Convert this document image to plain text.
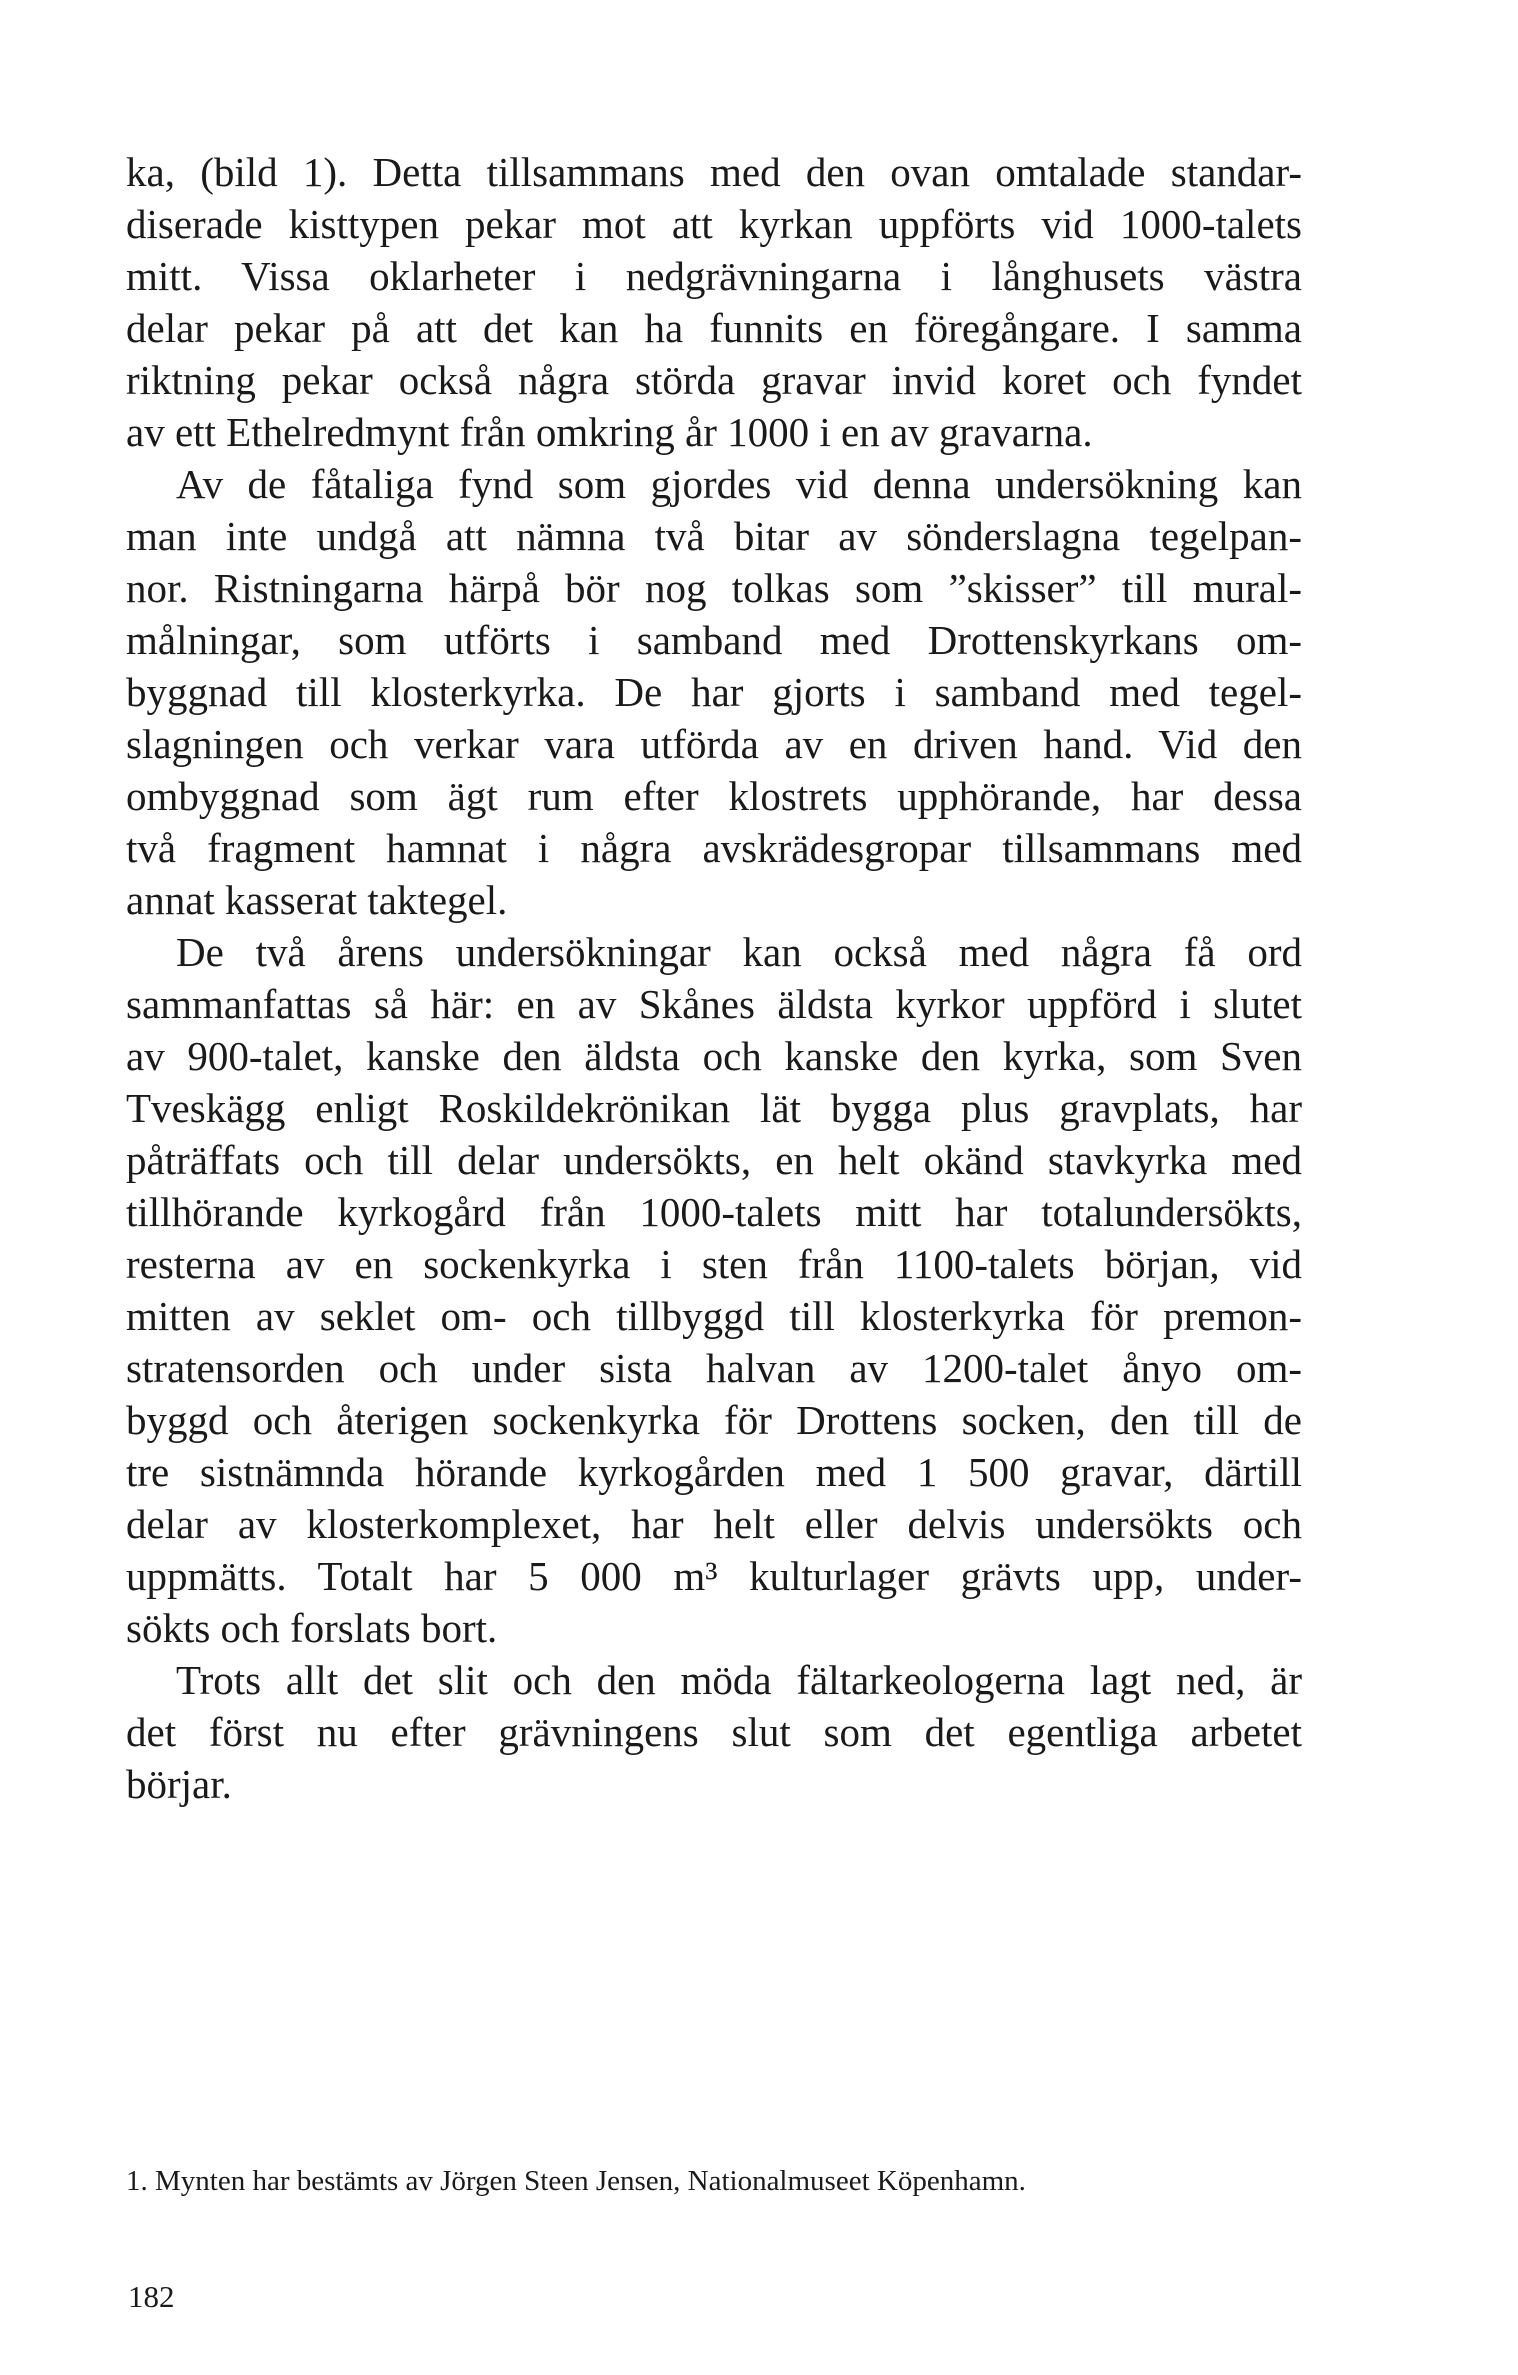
ka, (bild 1). Detta tillsammans med den ovan omtalade standar-
diserade kisttypen pekar mot att kyrkan uppförts vid 1000-talets
mitt. Vissa oklarheter i nedgrävningarna i långhusets västra
delar pekar på att det kan ha funnits en föregångare. I samma
riktning pekar också några störda gravar invid koret och fyndet
av ett Ethelredmynt från omkring år 1000 i en av gravarna.
Av de fåtaliga fynd som gjordes vid denna undersökning kan
man inte undgå att nämna två bitar av sönderslagna tegelpan-
nor. Ristningarna härpå bör nog tolkas som ”skisser” till mural-
målningar, som utförts i samband med Drottenskyrkans om-
byggnad till klosterkyrka. De har gjorts i samband med tegel-
slagningen och verkar vara utförda av en driven hand. Vid den
ombyggnad som ägt rum efter klostrets upphörande, har dessa
två fragment hamnat i några avskrädesgropar tillsammans med
annat kasserat taktegel.
De två årens undersökningar kan också med några få ord
sammanfattas så här: en av Skånes äldsta kyrkor uppförd i slutet
av 900-talet, kanske den äldsta och kanske den kyrka, som Sven
Tveskägg enligt Roskildekrönikan lät bygga plus gravplats, har
påträffats och till delar undersökts, en helt okänd stavkyrka med
tillhörande kyrkogård från 1000-talets mitt har totalundersökts,
resterna av en sockenkyrka i sten från 1100-talets början, vid
mitten av seklet om- och tillbyggd till klosterkyrka för premon-
stratensorden och under sista halvan av 1200-talet ånyo om-
byggd och återigen sockenkyrka för Drottens socken, den till de
tre sistnämnda hörande kyrkogården med 1 500 gravar, därtill
delar av klosterkomplexet, har helt eller delvis undersökts och
uppmätts. Totalt har 5 000 m³ kulturlager grävts upp, under-
sökts och forslats bort.
Trots allt det slit och den möda fältarkeologerna lagt ned, är
det först nu efter grävningens slut som det egentliga arbetet
börjar.
1. Mynten har bestämts av Jörgen Steen Jensen, Nationalmuseet Köpenhamn.
182
